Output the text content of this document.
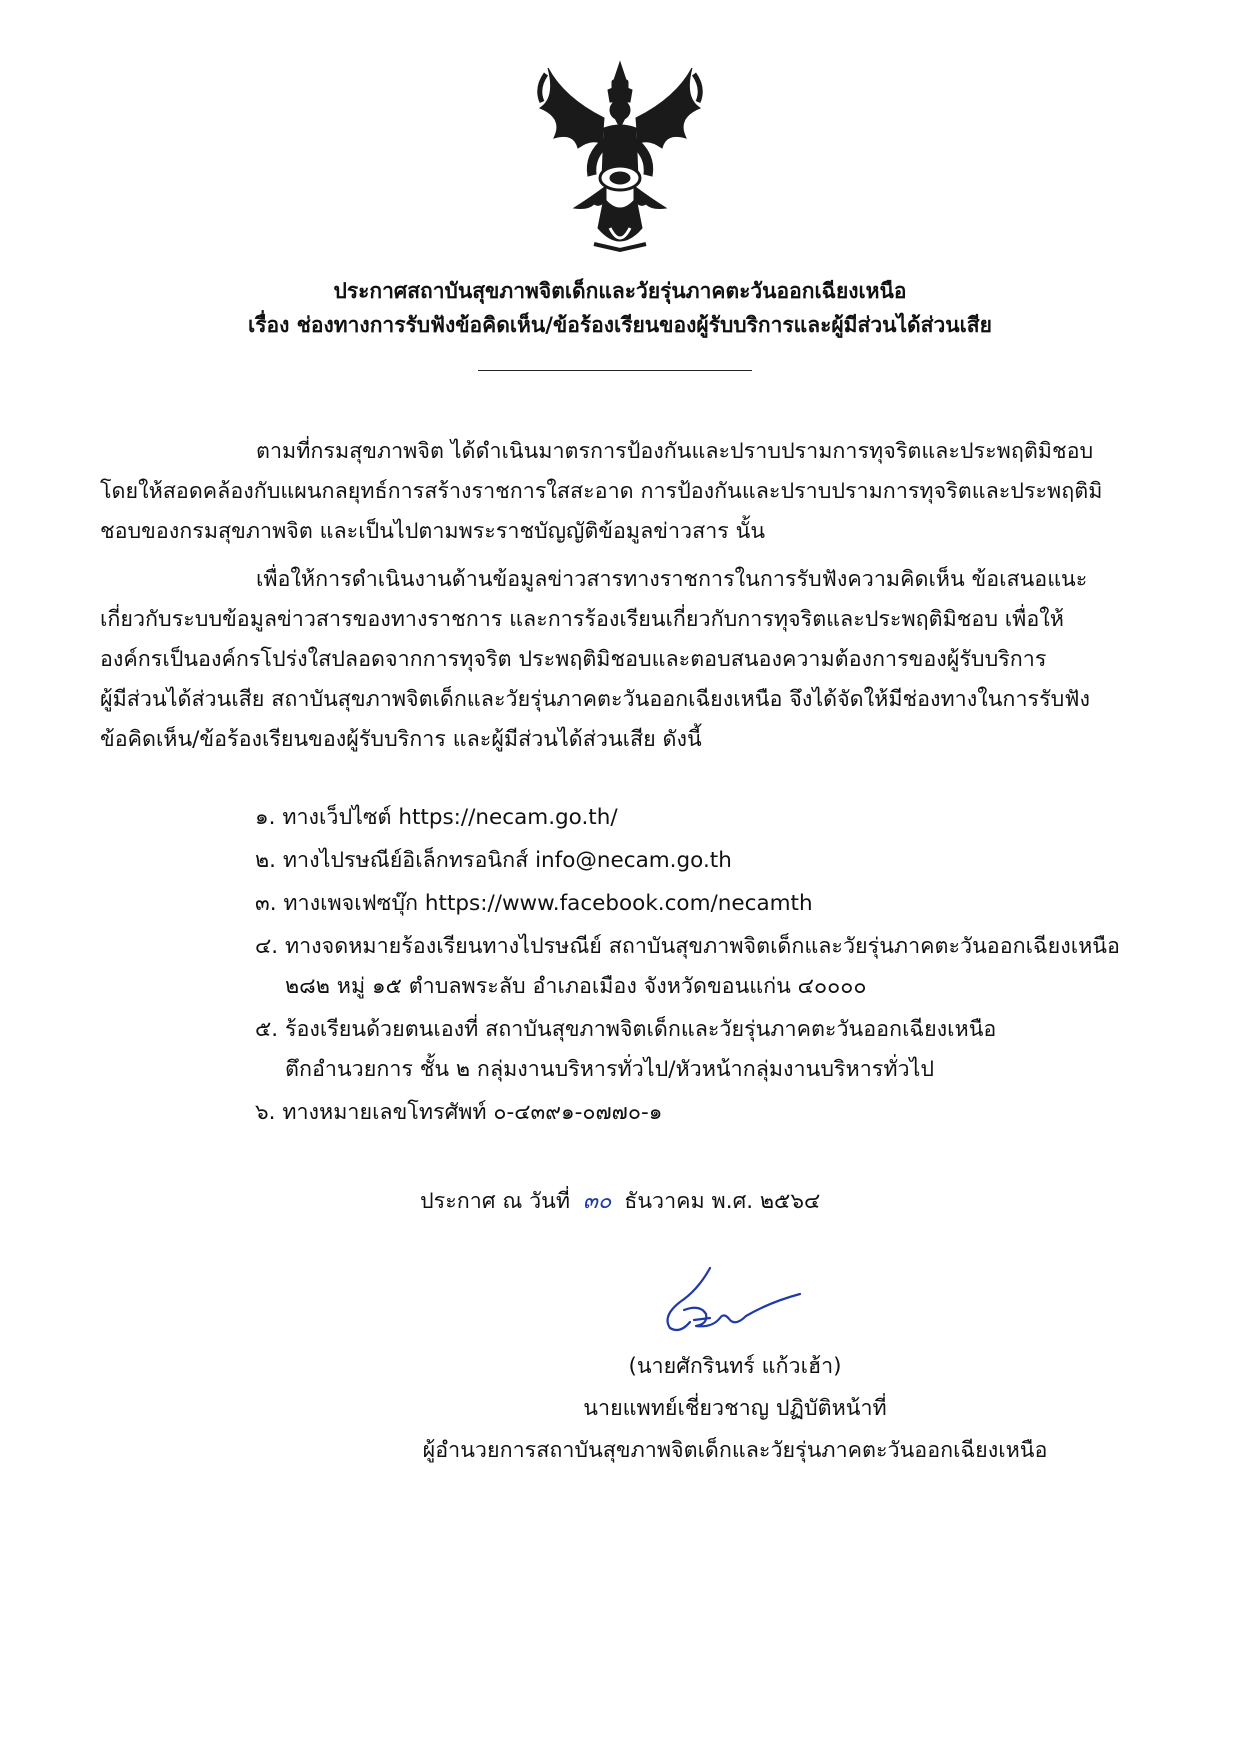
ประกาศสถาบันสุขภาพจิตเด็กและวัยรุ่นภาคตะวันออกเฉียงเหนือ
เรื่อง ช่องทางการรับฟังข้อคิดเห็น/ข้อร้องเรียนของผู้รับบริการและผู้มีส่วนได้ส่วนเสีย

ตามที่กรมสุขภาพจิต ได้ดำเนินมาตรการป้องกันและปราบปรามการทุจริตและประพฤติมิชอบ
โดยให้สอดคล้องกับแผนกลยุทธ์การสร้างราชการใสสะอาด การป้องกันและปราบปรามการทุจริตและประพฤติมิ
ชอบของกรมสุขภาพจิต และเป็นไปตามพระราชบัญญัติข้อมูลข่าวสาร นั้น

เพื่อให้การดำเนินงานด้านข้อมูลข่าวสารทางราชการในการรับฟังความคิดเห็น ข้อเสนอแนะ
เกี่ยวกับระบบข้อมูลข่าวสารของทางราชการ และการร้องเรียนเกี่ยวกับการทุจริตและประพฤติมิชอบ เพื่อให้
องค์กรเป็นองค์กรโปร่งใสปลอดจากการทุจริต ประพฤติมิชอบและตอบสนองความต้องการของผู้รับบริการ
ผู้มีส่วนได้ส่วนเสีย สถาบันสุขภาพจิตเด็กและวัยรุ่นภาคตะวันออกเฉียงเหนือ จึงได้จัดให้มีช่องทางในการรับฟัง
ข้อคิดเห็น/ข้อร้องเรียนของผู้รับบริการ และผู้มีส่วนได้ส่วนเสีย ดังนี้

๑. ทางเว็ปไซต์ https://necam.go.th/
๒. ทางไปรษณีย์อิเล็กทรอนิกส์ info@necam.go.th
๓. ทางเพจเฟซบุ๊ก https://www.facebook.com/necamth
๔. ทางจดหมายร้องเรียนทางไปรษณีย์ สถาบันสุขภาพจิตเด็กและวัยรุ่นภาคตะวันออกเฉียงเหนือ
๒๘๒ หมู่ ๑๕ ตำบลพระลับ อำเภอเมือง จังหวัดขอนแก่น ๔๐๐๐๐
๕. ร้องเรียนด้วยตนเองที่ สถาบันสุขภาพจิตเด็กและวัยรุ่นภาคตะวันออกเฉียงเหนือ
ตึกอำนวยการ ชั้น ๒ กลุ่มงานบริหารทั่วไป/หัวหน้ากลุ่มงานบริหารทั่วไป
๖. ทางหมายเลขโทรศัพท์ ๐-๔๓๙๑-๐๗๗๐-๑
ประกาศ ณ วันที่ ๓๐ ธันวาคม พ.ศ. ๒๕๖๔
(นายศักรินทร์ แก้วเฮ้า)
นายแพทย์เชี่ยวชาญ ปฏิบัติหน้าที่
ผู้อำนวยการสถาบันสุขภาพจิตเด็กและวัยรุ่นภาคตะวันออกเฉียงเหนือ
